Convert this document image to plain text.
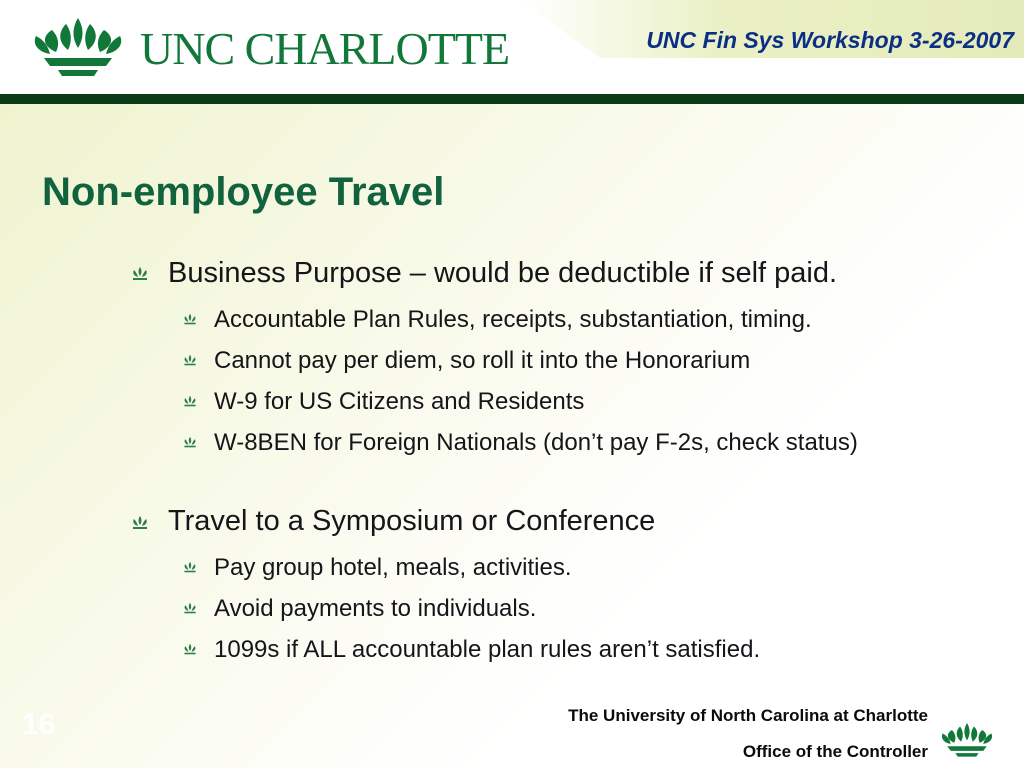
UNC CHARLOTTE	UNC Fin Sys Workshop 3-26-2007
Non-employee Travel
Business Purpose – would be deductible if self paid.
Accountable Plan Rules, receipts, substantiation, timing.
Cannot pay per diem, so roll it into the Honorarium
W-9 for US Citizens and Residents
W-8BEN for Foreign Nationals (don’t pay F-2s, check status)
Travel to a Symposium or Conference
Pay group hotel, meals, activities.
Avoid payments to individuals.
1099s if ALL accountable plan rules aren’t satisfied.
16	The University of North Carolina at Charlotte
Office of the Controller
